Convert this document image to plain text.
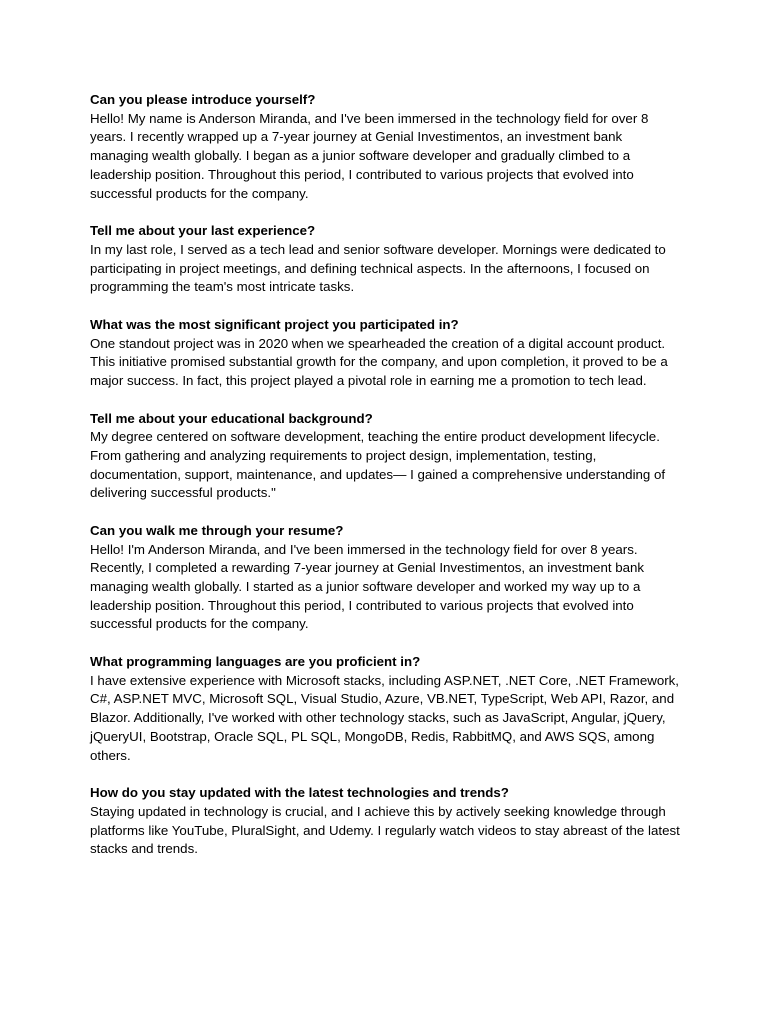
Can you please introduce yourself?

Hello! My name is Anderson Miranda, and I've been immersed in the technology field for over 8 years. I recently wrapped up a 7-year journey at Genial Investimentos, an investment bank managing wealth globally. I began as a junior software developer and gradually climbed to a leadership position. Throughout this period, I contributed to various projects that evolved into successful products for the company.

Tell me about your last experience?

In my last role, I served as a tech lead and senior software developer. Mornings were dedicated to participating in project meetings, and defining technical aspects. In the afternoons, I focused on programming the team's most intricate tasks.

What was the most significant project you participated in?

One standout project was in 2020 when we spearheaded the creation of a digital account product. This initiative promised substantial growth for the company, and upon completion, it proved to be a major success. In fact, this project played a pivotal role in earning me a promotion to tech lead.

Tell me about your educational background?

My degree centered on software development, teaching the entire product development lifecycle. From gathering and analyzing requirements to project design, implementation, testing, documentation, support, maintenance, and updates— I gained a comprehensive understanding of delivering successful products."

Can you walk me through your resume?

Hello! I'm Anderson Miranda, and I've been immersed in the technology field for over 8 years. Recently, I completed a rewarding 7-year journey at Genial Investimentos, an investment bank managing wealth globally. I started as a junior software developer and worked my way up to a leadership position. Throughout this period, I contributed to various projects that evolved into successful products for the company.

What programming languages are you proficient in?

I have extensive experience with Microsoft stacks, including ASP.NET, .NET Core, .NET Framework, C#, ASP.NET MVC, Microsoft SQL, Visual Studio, Azure, VB.NET, TypeScript, Web API, Razor, and Blazor. Additionally, I've worked with other technology stacks, such as JavaScript, Angular, jQuery, jQueryUI, Bootstrap, Oracle SQL, PL SQL, MongoDB, Redis, RabbitMQ, and AWS SQS, among others.

How do you stay updated with the latest technologies and trends?

Staying updated in technology is crucial, and I achieve this by actively seeking knowledge through platforms like YouTube, PluralSight, and Udemy. I regularly watch videos to stay abreast of the latest stacks and trends.
